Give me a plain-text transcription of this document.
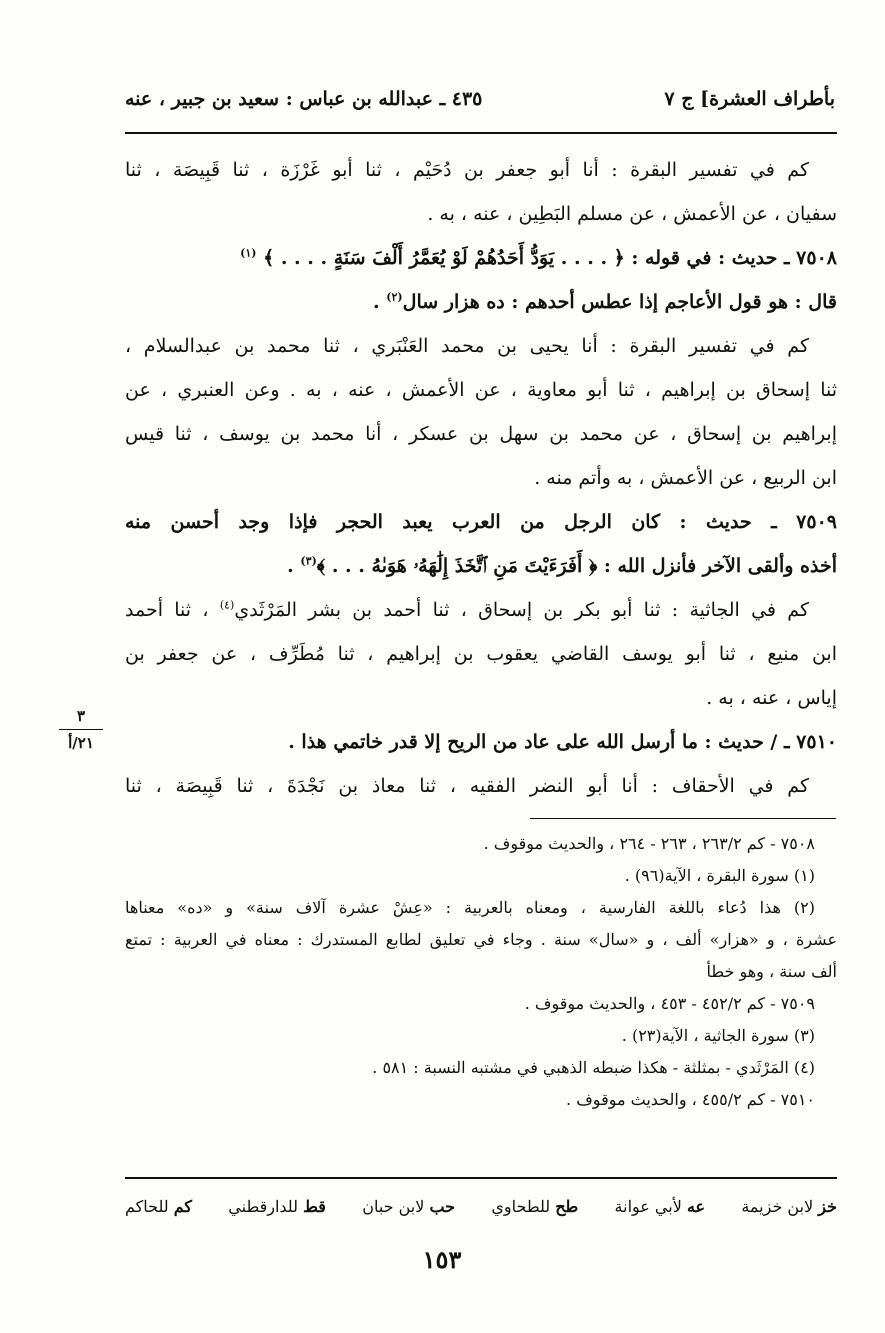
بأطراف العشرة] ج ٧
٤٣٥ ـ عبدالله بن عباس : سعيد بن جبير ، عنه
كم في تفسير البقرة : أنا أبو جعفر بن دُحَيْم ، ثنا أبو غَرْزَة ، ثنا قَبِيصَة ، ثنا
سفيان ، عن الأعمش ، عن مسلم البَطِين ، عنه ، به .
٧٥٠٨ ـ حديث : في قوله : ﴿ . . . . يَوَدُّ أَحَدُهُمْ لَوْ يُعَمَّرُ أَلْفَ سَنَةٍ . . . . ﴾ $^{(١)}$
قال : هو قول الأعاجم إذا عطس أحدهم : ده هزار سال$^{(٢)}$ .
كم في تفسير البقرة : أنا يحيى بن محمد العَنْبَري ، ثنا محمد بن عبدالسلام ،
ثنا إسحاق بن إبراهيم ، ثنا أبو معاوية ، عن الأعمش ، عنه ، به . وعن العنبري ، عن
إبراهيم بن إسحاق ، عن محمد بن سهل بن عسكر ، أنا محمد بن يوسف ، ثنا قيس
ابن الربيع ، عن الأعمش ، به وأتم منه .
٧٥٠٩ ـ حديث : كان الرجل من العرب يعبد الحجر فإذا وجد أحسن منه
أخذه وألقى الآخر فأنزل الله : ﴿ أَفَرَءَيْتَ مَنِ ٱتَّخَذَ إِلَٰهَهُۥ هَوَىٰهُ . . . ﴾$^{(٣)}$ .
كم في الجاثية : ثنا أبو بكر بن إسحاق ، ثنا أحمد بن بشر المَرْثَدي$^{(٤)}$ ، ثنا أحمد
ابن منيع ، ثنا أبو يوسف القاضي يعقوب بن إبراهيم ، ثنا مُطَرِّف ، عن جعفر بن
إياس ، عنه ، به .
٧٥١٠ ـ / حديث : ما أرسل الله على عاد من الريح إلا قدر خاتمي هذا .
كم في الأحقاف : أنا أبو النضر الفقيه ، ثنا معاذ بن نَجْدَةَ ، ثنا قَبِيصَة ، ثنا
٣
٢١/أ
٧٥٠٨ - كم ٢٦٣/٢ ، ٢٦٣ - ٢٦٤ ، والحديث موقوف .
(١) سورة البقرة ، الآية(٩٦) .
(٢) هذا دُعاء باللغة الفارسية ، ومعناه بالعربية : «عِشْ عشرة آلاف سنة» و «ده» معناها
عشرة ، و «هزار» ألف ، و «سال» سنة . وجاء في تعليق لطابع المستدرك : معناه في العربية : تمتع
ألف سنة ، وهو خطأ
٧٥٠٩ - كم ٤٥٢/٢ - ٤٥٣ ، والحديث موقوف .
(٣) سورة الجاثية ، الآية(٢٣) .
(٤) المَرْثَدي - بمثلثة - هكذا ضبطه الذهبي في مشتبه النسبة : ٥٨١ .
٧٥١٠ - كم ٤٥٥/٢ ، والحديث موقوف .
خز لابن خزيمة
عه لأبي عوانة
طح للطحاوي
حب لابن حبان
قط للدارقطني
كم للحاكم
١٥٣
